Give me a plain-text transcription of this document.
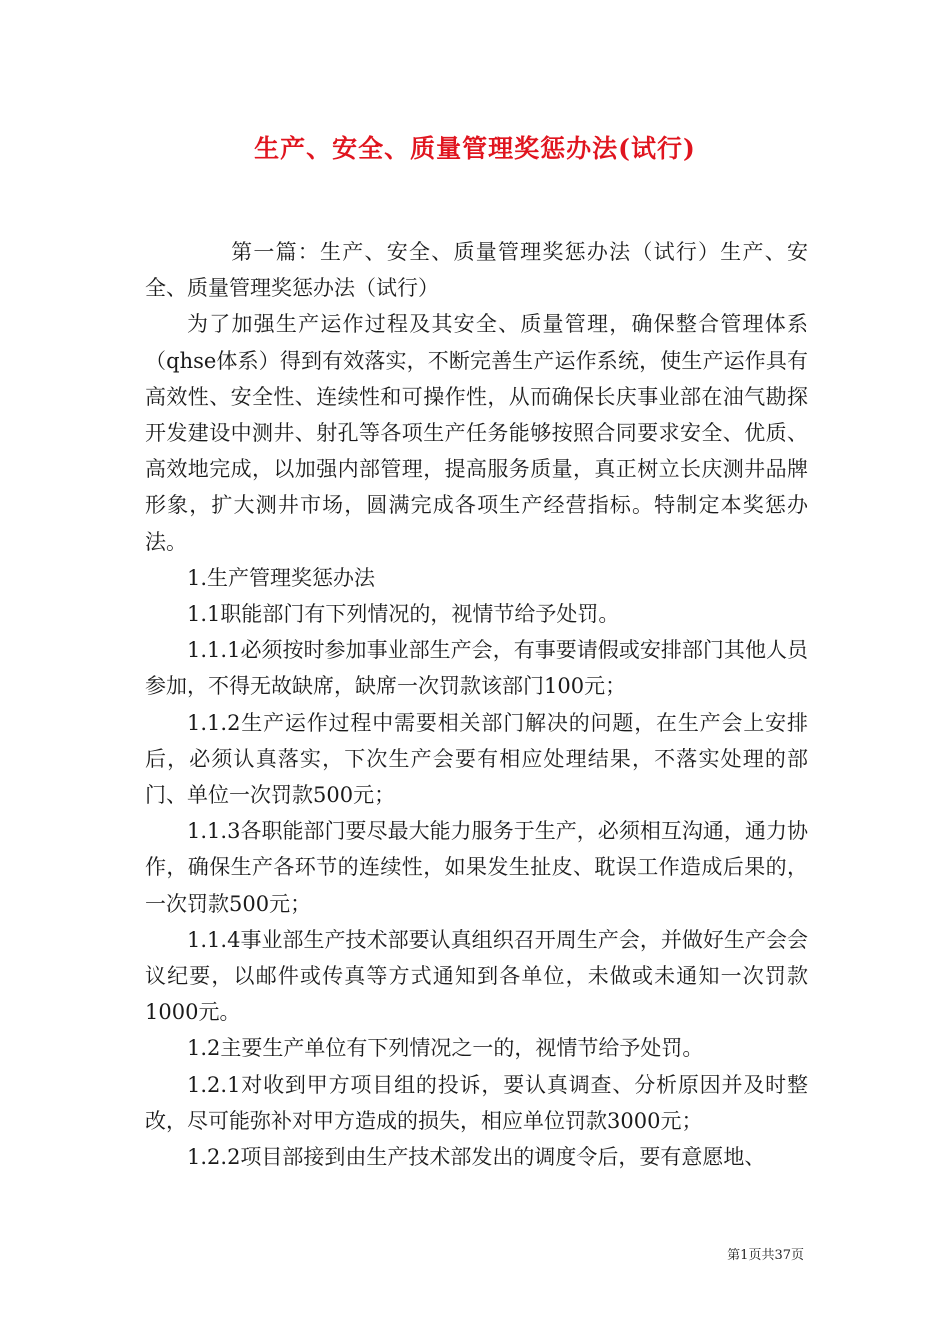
生产、安全、质量管理奖惩办法(试行)

第一篇：生产、安全、质量管理奖惩办法（试行）生产、安全、质量管理奖惩办法（试行）

为了加强生产运作过程及其安全、质量管理，确保整合管理体系（qhse体系）得到有效落实，不断完善生产运作系统，使生产运作具有高效性、安全性、连续性和可操作性，从而确保长庆事业部在油气勘探开发建设中测井、射孔等各项生产任务能够按照合同要求安全、优质、高效地完成，以加强内部管理，提高服务质量，真正树立长庆测井品牌形象，扩大测井市场，圆满完成各项生产经营指标。特制定本奖惩办法。

1.生产管理奖惩办法

1.1职能部门有下列情况的，视情节给予处罚。

1.1.1必须按时参加事业部生产会，有事要请假或安排部门其他人员参加，不得无故缺席，缺席一次罚款该部门100元；

1.1.2生产运作过程中需要相关部门解决的问题，在生产会上安排后，必须认真落实，下次生产会要有相应处理结果，不落实处理的部门、单位一次罚款500元；

1.1.3各职能部门要尽最大能力服务于生产，必须相互沟通，通力协作，确保生产各环节的连续性，如果发生扯皮、耽误工作造成后果的，一次罚款500元；

1.1.4事业部生产技术部要认真组织召开周生产会，并做好生产会会议纪要，以邮件或传真等方式通知到各单位，未做或未通知一次罚款1000元。

1.2主要生产单位有下列情况之一的，视情节给予处罚。

1.2.1对收到甲方项目组的投诉，要认真调查、分析原因并及时整改，尽可能弥补对甲方造成的损失，相应单位罚款3000元；

1.2.2项目部接到由生产技术部发出的调度令后，要有意愿地、

第1页共37页
